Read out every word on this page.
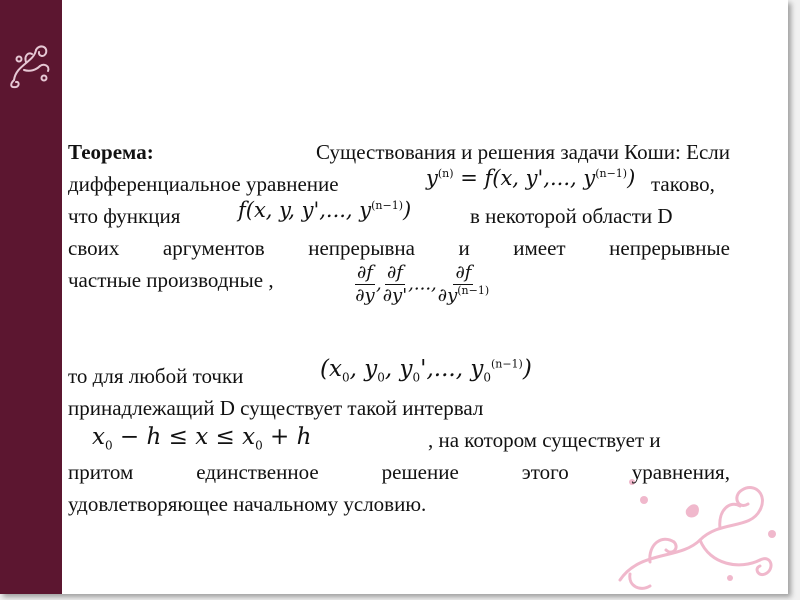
Теорема:	Существования и решения задачи Коши: Если
дифференциальное уравнение	$y^{(n)} = f(x$, y',..., $y^{(n-1)}$) таково,
что функция	f(x, y, y',..., $y^{(n-1)}$)	в некоторой области D
своих аргументов непрерывна и имеет непрерывные
частные производные ,	$\frac{\partial f}{\partial y}$ , $\frac{\partial f}{\partial y'}$ ,..., $\frac{\partial f}{\partial y^{(n-1)}}$
то для любой точки	($x_0$, $y_0$, $y_0'$,..., $y_0^{(n-1)}$)
принадлежащий D существует такой интервал
$x_0 - h \le x \le x_0 + h$	, на котором существует и
притом	единственное	решение	этого	уравнения,
удовлетворяющее начальному условию.
